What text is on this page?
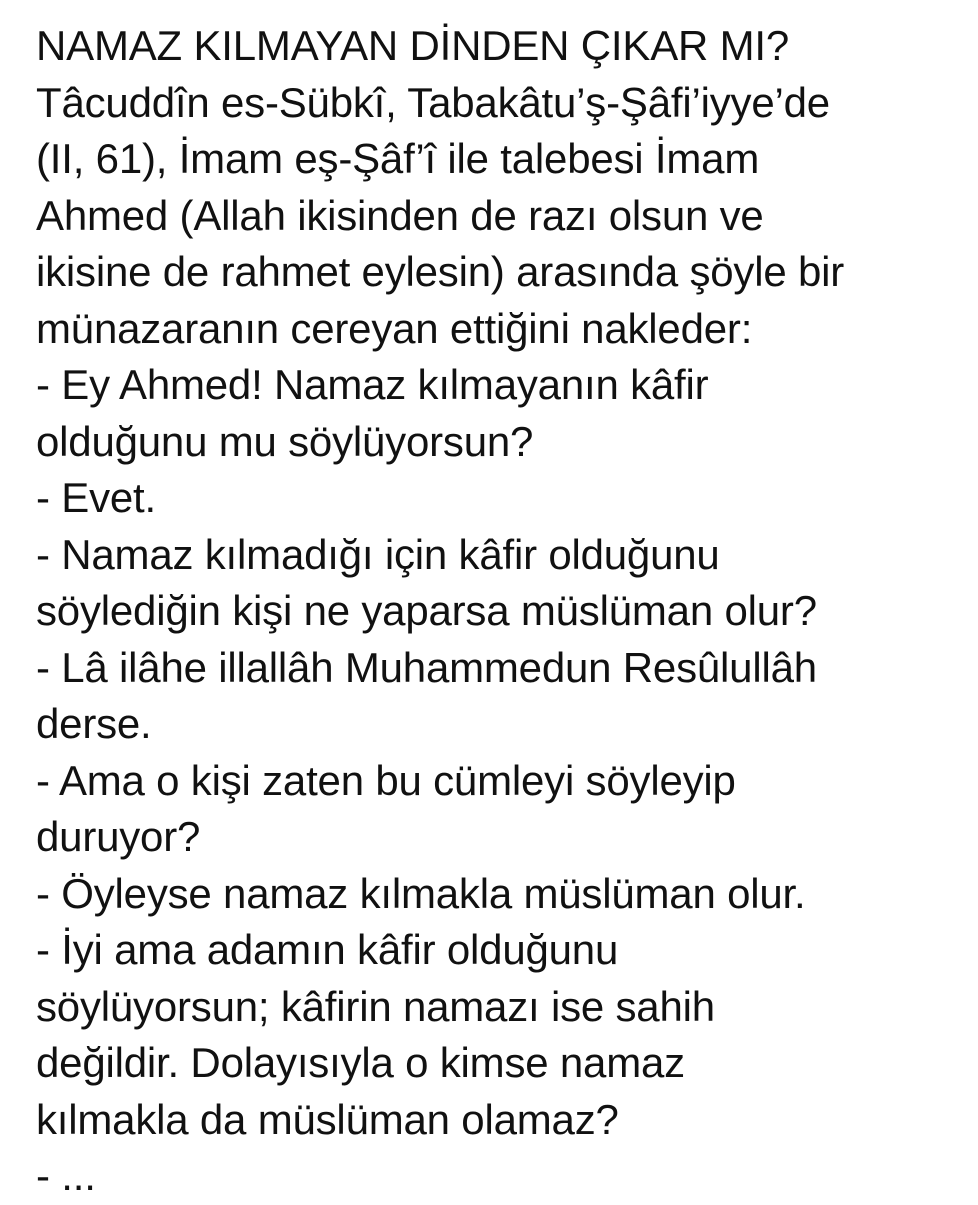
NAMAZ KILMAYAN DİNDEN ÇIKAR MI?
Tâcuddîn es-Sübkî, Tabakâtu’ş-Şâfi’iyye’de
(II, 61), İmam eş-Şâf’î ile talebesi İmam
Ahmed (Allah ikisinden de razı olsun ve
ikisine de rahmet eylesin) arasında şöyle bir
münazaranın cereyan ettiğini nakleder:
- Ey Ahmed! Namaz kılmayanın kâfir
olduğunu mu söylüyorsun?
- Evet.
- Namaz kılmadığı için kâfir olduğunu
söylediğin kişi ne yaparsa müslüman olur?
- Lâ ilâhe illallâh Muhammedun Resûlullâh
derse.
- Ama o kişi zaten bu cümleyi söyleyip
duruyor?
- Öyleyse namaz kılmakla müslüman olur.
- İyi ama adamın kâfir olduğunu
söylüyorsun; kâfirin namazı ise sahih
değildir. Dolayısıyla o kimse namaz
kılmakla da müslüman olamaz?
- ...
